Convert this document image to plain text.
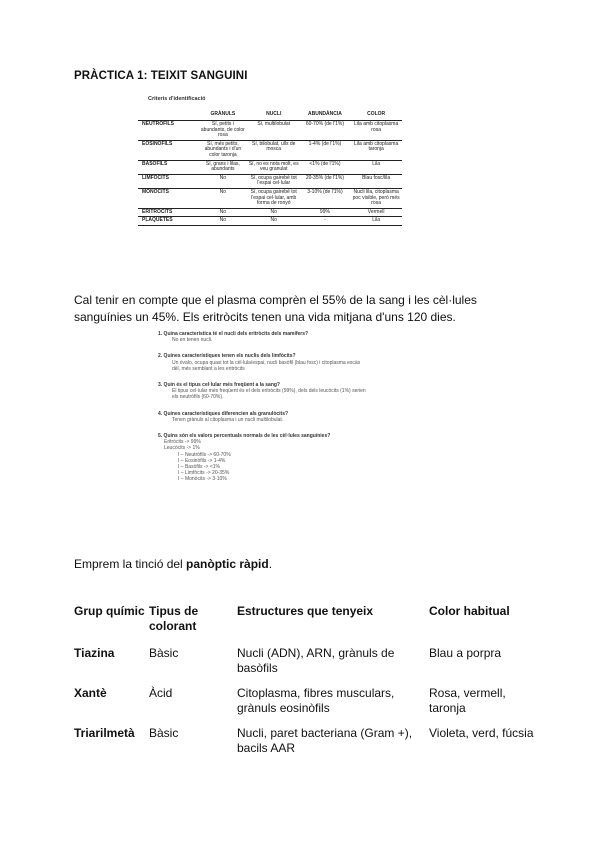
PRÀCTICA 1: TEIXIT SANGUINI
Criteris d'identificació
	GRÀNULS	NUCLI	ABUNDÀNCIA	COLOR
NEUTRÒFILS	Sí, petits i abundants, de color rosa	Sí, multilobulat	60-70% (de l'1%)	Lila amb citoplasma rosa
EOSINÒFILS	Sí, més petits, abundants i d'un color taronja	Sí, bilobulat, ulls de mosca	1-4% (de l'1%)	Lila amb citoplasma taronja
BASÒFILS	Sí, grans i lilas, abundants	Sí, no es nota molt, es veu granulat	<1% (de l'1%)	Lila
LIMFÒCITS	No	Sí, ocupa gairebé tot l'espai cel·lular	20-35% (de l'1%)	Blau fosc/lila
MONÒCITS	No	Sí, ocupa gairebé tot l'espai cel·lular, amb forma de ronyó	3-10% (de l'1%)	Nucli lila, citoplasma poc visible, però més rosa
ERITRÒCITS	No	No	99%	Vermell
PLAQUETES	No	No	-	Lila
Cal tenir en compte que el plasma comprèn el 55% de la sang i les cèl·lules sanguínies un 45%. Els eritròcits tenen una vida mitjana d'uns 120 dies.
1. Quina característica té el nucli dels eritròcits dels mamífers?
No en tenen nucli.
2. Quines característiques tenen els nuclis dels limfòcits?
Un òvalo, ocupa quasi tot la cèl·lula/espai, nucli basòfil (blau fosc) i citoplasma escàs
dèl, més semblant a les eritròcits
3. Quin és el tipus cel·lular més freqüent a la sang?
El tipus cel·lular més freqüent és el dels eritròcits (99%), dels dels leucòcits (1%) serien
els neutròfils (60-70%).
4. Quines característiques diferencien als granulòcits?
Tenen grànuls al citoplasma i un nucli multilobulat.
5. Quins són els valors percentuals normals de les cèl·lules sanguínies?
Eritròcits -> 99%
Leucòcits -> 1%
I – Neutròfils -> 60-70%
I – Eosinòfils -> 1-4%
I – Basòfils -> <1%
I – Limfòcits -> 20-35%
I – Monòcits -> 3-10%
Emprem la tinció del panòptic ràpid.
Grup químic	Tipus de colorant	Estructures que tenyeix	Color habitual
Tiazina	Bàsic	Nucli (ADN), ARN, grànuls de basòfils	Blau a porpra
Xantè	Àcid	Citoplasma, fibres musculars, grànuls eosinòfils	Rosa, vermell, taronja
Triarilmetà	Bàsic	Nucli, paret bacteriana (Gram +), bacils AAR	Violeta, verd, fúcsia
